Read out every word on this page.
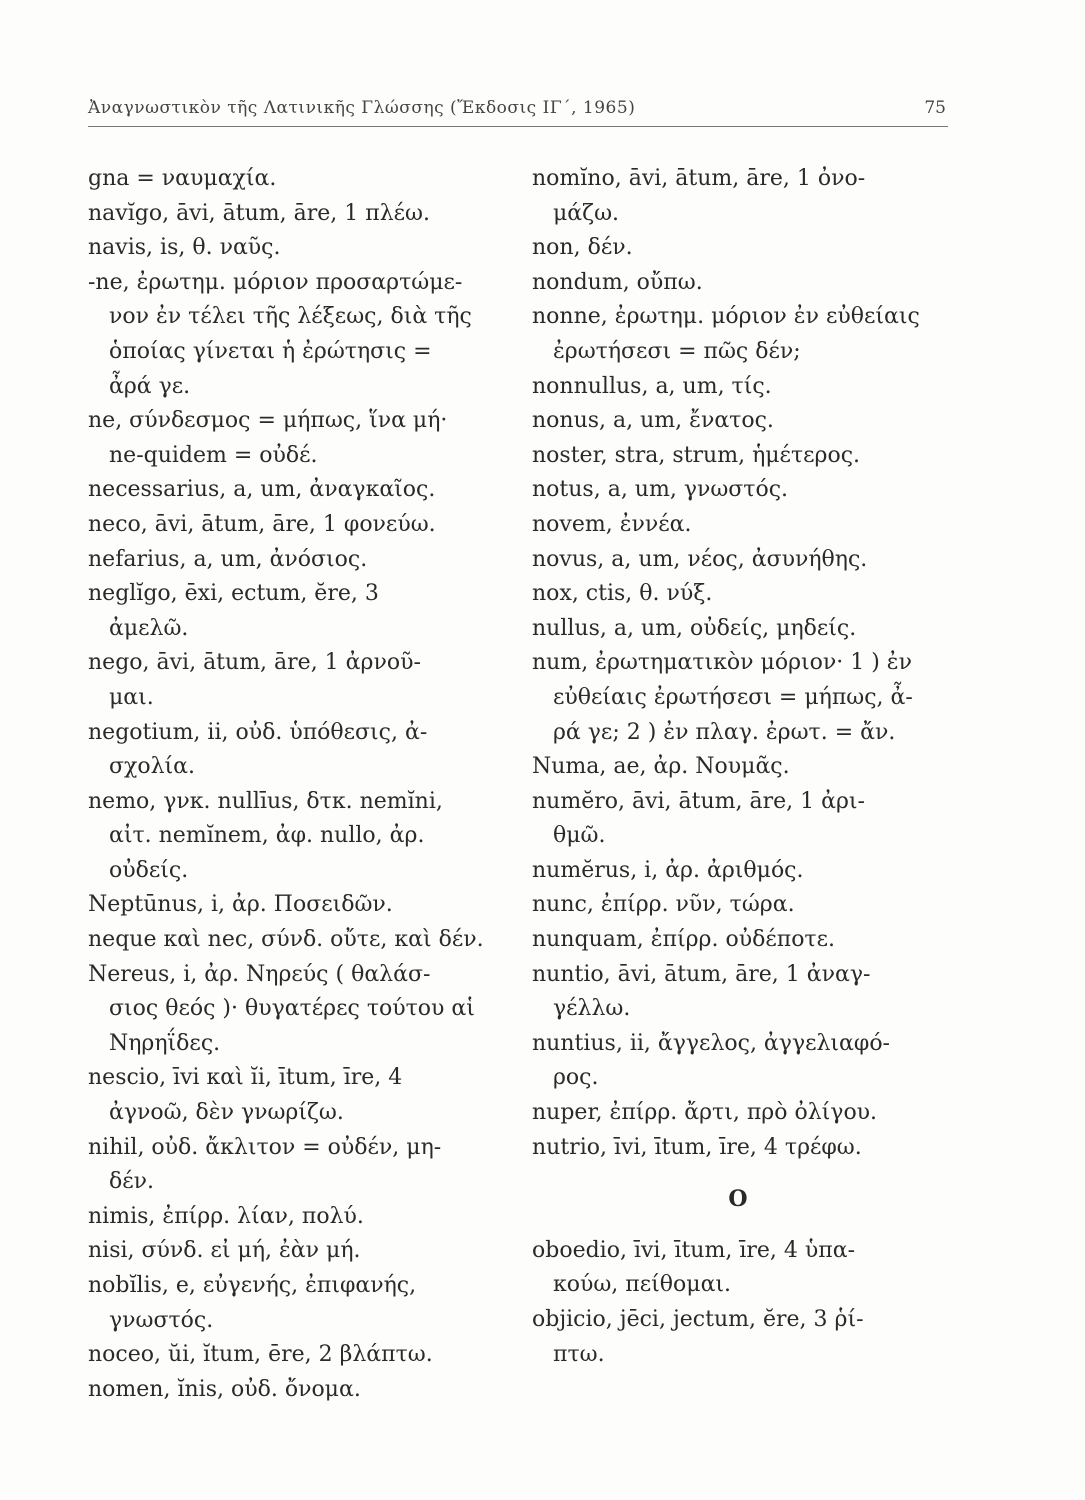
Ἀναγνωστικὸν τῆς Λατινικῆς Γλώσσης (Ἔκδοσις ΙΓ΄, 1965)	75
gna = ναυμαχία.
navĭgo, āvi, ātum, āre, 1 πλέω.
navis, is, θ. ναῦς.
-ne, ἐρωτημ. μόριον προσαρτώμε-
νον ἐν τέλει τῆς λέξεως, διὰ τῆς
ὁποίας γίνεται ἡ ἐρώτησις =
ἆρά γε.
ne, σύνδεσμος = μήπως, ἵνα μή·
ne-quidem = οὐδέ.
necessarius, a, um, ἀναγκαῖος.
neco, āvi, ātum, āre, 1 φονεύω.
nefarius, a, um, ἀνόσιος.
neglĭgo, ēxi, ectum, ĕre, 3
ἀμελῶ.
nego, āvi, ātum, āre, 1 ἀρνοῦ-
μαι.
negotium, ii, οὐδ. ὑπόθεσις, ἀ-
σχολία.
nemo, γνκ. nullīus, δτκ. nemĭni,
αἰτ. nemĭnem, ἀφ. nullo, ἀρ.
οὐδείς.
Neptūnus, i, ἀρ. Ποσειδῶν.
neque καὶ nec, σύνδ. οὔτε, καὶ δέν.
Nereus, i, ἀρ. Νηρεύς ( θαλάσ-
σιος θεός )· θυγατέρες τούτου αἱ
Νηρηΐδες.
nescio, īvi καὶ ĭi, ītum, īre, 4
ἀγνοῶ, δὲν γνωρίζω.
nihil, οὐδ. ἄκλιτον = οὐδέν, μη-
δέν.
nimis, ἐπίρρ. λίαν, πολύ.
nisi, σύνδ. εἰ μή, ἐὰν μή.
nobĭlis, e, εὐγενής, ἐπιφανής,
γνωστός.
noceo, ŭi, ĭtum, ēre, 2 βλάπτω.
nomen, ĭnis, οὐδ. ὄνομα.
nomĭno, āvi, ātum, āre, 1 ὀνο-
μάζω.
non, δέν.
nondum, οὔπω.
nonne, ἐρωτημ. μόριον ἐν εὐθείαις
ἐρωτήσεσι = πῶς δέν;
nonnullus, a, um, τίς.
nonus, a, um, ἔνατος.
noster, stra, strum, ἡμέτερος.
notus, a, um, γνωστός.
novem, ἐννέα.
novus, a, um, νέος, ἀσυνήθης.
nox, ctis, θ. νύξ.
nullus, a, um, οὐδείς, μηδείς.
num, ἐρωτηματικὸν μόριον· 1 ) ἐν
εὐθείαις ἐρωτήσεσι = μήπως, ἆ-
ρά γε; 2 ) ἐν πλαγ. ἐρωτ. = ἄν.
Numa, ae, ἀρ. Νουμᾶς.
numĕro, āvi, ātum, āre, 1 ἀρι-
θμῶ.
numĕrus, i, ἀρ. ἀριθμός.
nunc, ἐπίρρ. νῦν, τώρα.
nunquam, ἐπίρρ. οὐδέποτε.
nuntio, āvi, ātum, āre, 1 ἀναγ-
γέλλω.
nuntius, ii, ἄγγελος, ἀγγελιαφό-
ρος.
nuper, ἐπίρρ. ἄρτι, πρὸ ὀλίγου.
nutrio, īvi, ītum, īre, 4 τρέφω.
O
oboedio, īvi, ītum, īre, 4 ὑπα-
κούω, πείθομαι.
objicio, jēci, jectum, ĕre, 3 ῥί-
πτω.
